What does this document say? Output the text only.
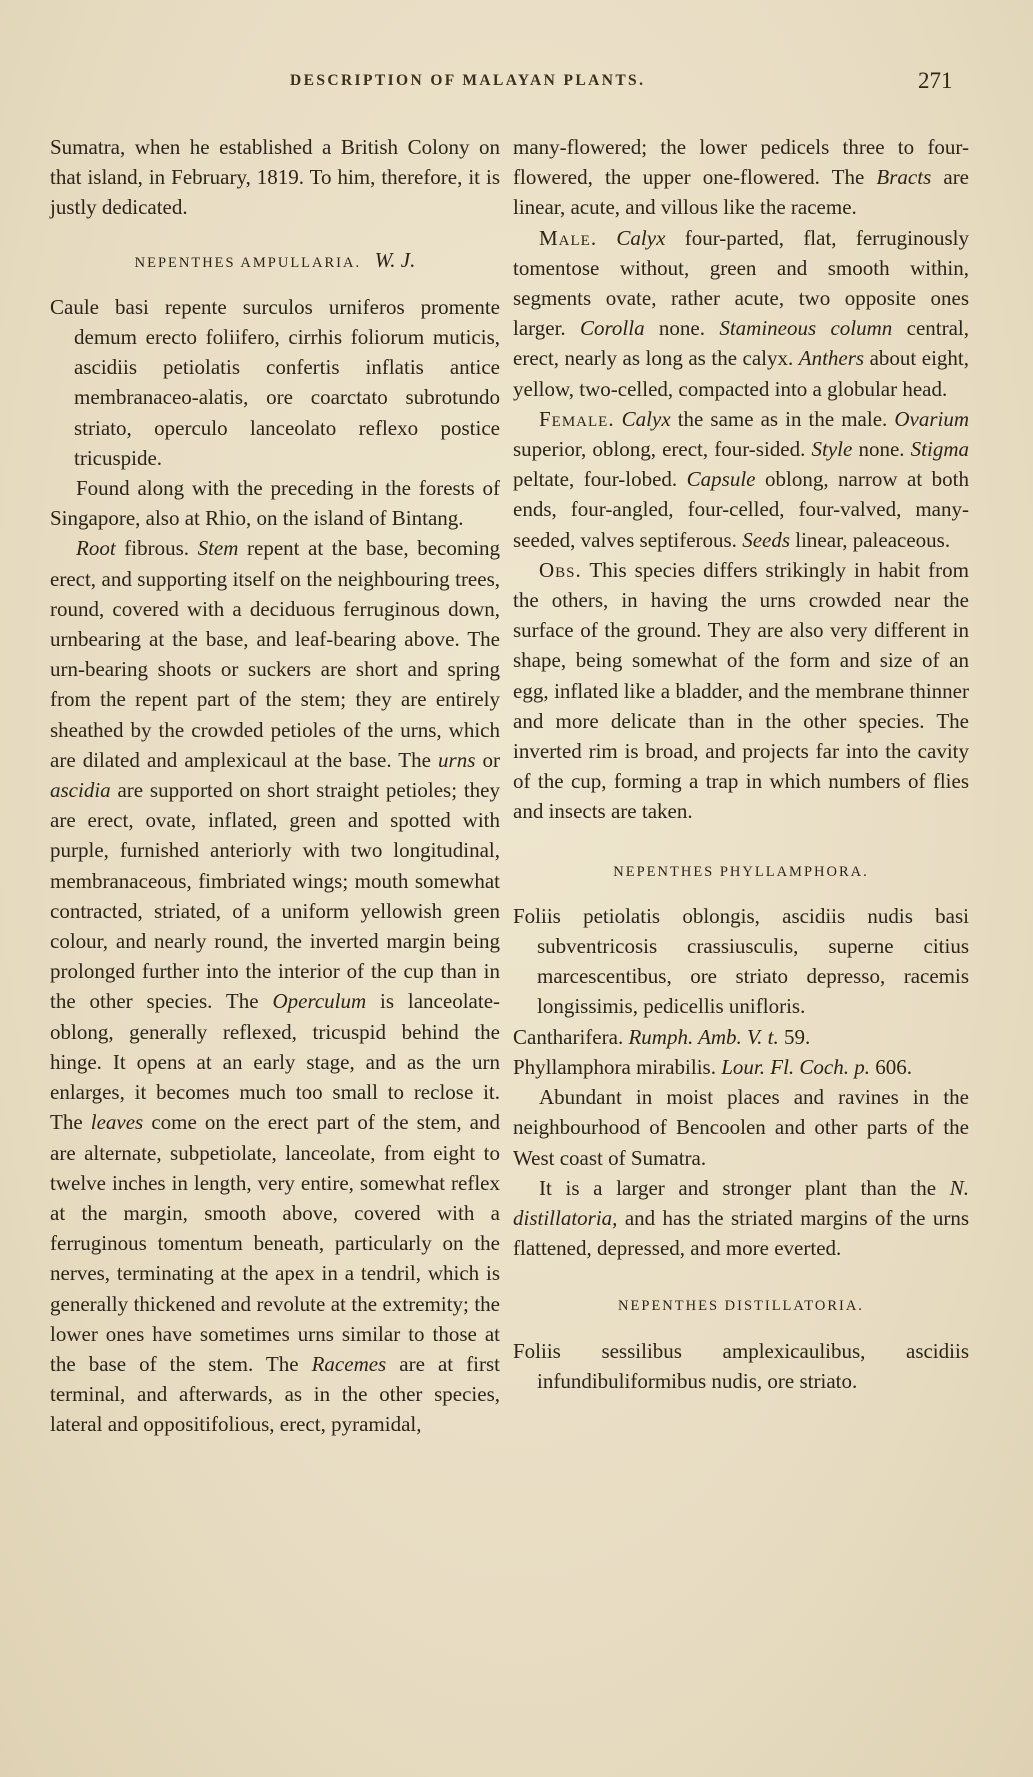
DESCRIPTION OF MALAYAN PLANTS.	271

Sumatra, when he established a British Colony on that island, in February, 1819. To him, therefore, it is justly dedicated.

NEPENTHES AMPULLARIA. W. J.

Caule basi repente surculos urniferos promente demum erecto foliifero, cirrhis foliorum muticis, ascidiis petiolatis confertis inflatis antice membranaceo-alatis, ore coarctato subrotundo striato, operculo lanceolato reflexo postice tricuspide.

Found along with the preceding in the forests of Singapore, also at Rhio, on the island of Bintang.

Root fibrous. Stem repent at the base, becoming erect, and supporting itself on the neighbouring trees, round, covered with a deciduous ferruginous down, urnbearing at the base, and leaf-bearing above. The urn-bearing shoots or suckers are short and spring from the repent part of the stem; they are entirely sheathed by the crowded petioles of the urns, which are dilated and amplexicaul at the base. The urns or ascidia are supported on short straight petioles; they are erect, ovate, inflated, green and spotted with purple, furnished anteriorly with two longitudinal, membranaceous, fimbriated wings; mouth somewhat contracted, striated, of a uniform yellowish green colour, and nearly round, the inverted margin being prolonged further into the interior of the cup than in the other species. The Operculum is lanceolate-oblong, generally reflexed, tricuspid behind the hinge. It opens at an early stage, and as the urn enlarges, it becomes much too small to reclose it. The leaves come on the erect part of the stem, and are alternate, subpetiolate, lanceolate, from eight to twelve inches in length, very entire, somewhat reflex at the margin, smooth above, covered with a ferruginous tomentum beneath, particularly on the nerves, terminating at the apex in a tendril, which is generally thickened and revolute at the extremity; the lower ones have sometimes urns similar to those at the base of the stem. The Racemes are at first terminal, and afterwards, as in the other species, lateral and oppositifolious, erect, pyramidal,

many-flowered; the lower pedicels three to four-flowered, the upper one-flowered. The Bracts are linear, acute, and villous like the raceme.

Male. Calyx four-parted, flat, ferruginously tomentose without, green and smooth within, segments ovate, rather acute, two opposite ones larger. Corolla none. Stamineous column central, erect, nearly as long as the calyx. Anthers about eight, yellow, two-celled, compacted into a globular head.

Female. Calyx the same as in the male. Ovarium superior, oblong, erect, four-sided. Style none. Stigma peltate, four-lobed. Capsule oblong, narrow at both ends, four-angled, four-celled, four-valved, many-seeded, valves septiferous. Seeds linear, paleaceous.

Obs. This species differs strikingly in habit from the others, in having the urns crowded near the surface of the ground. They are also very different in shape, being somewhat of the form and size of an egg, inflated like a bladder, and the membrane thinner and more delicate than in the other species. The inverted rim is broad, and projects far into the cavity of the cup, forming a trap in which numbers of flies and insects are taken.

NEPENTHES PHYLLAMPHORA.

Foliis petiolatis oblongis, ascidiis nudis basi subventricosis crassiusculis, superne citius marcescentibus, ore striato depresso, racemis longissimis, pedicellis unifloris.

Cantharifera. Rumph. Amb. V. t. 59.

Phyllamphora mirabilis. Lour. Fl. Coch. p. 606.

Abundant in moist places and ravines in the neighbourhood of Bencoolen and other parts of the West coast of Sumatra.

It is a larger and stronger plant than the N. distillatoria, and has the striated margins of the urns flattened, depressed, and more everted.

NEPENTHES DISTILLATORIA.

Foliis sessilibus amplexicaulibus, ascidiis infundibuliformibus nudis, ore striato.
